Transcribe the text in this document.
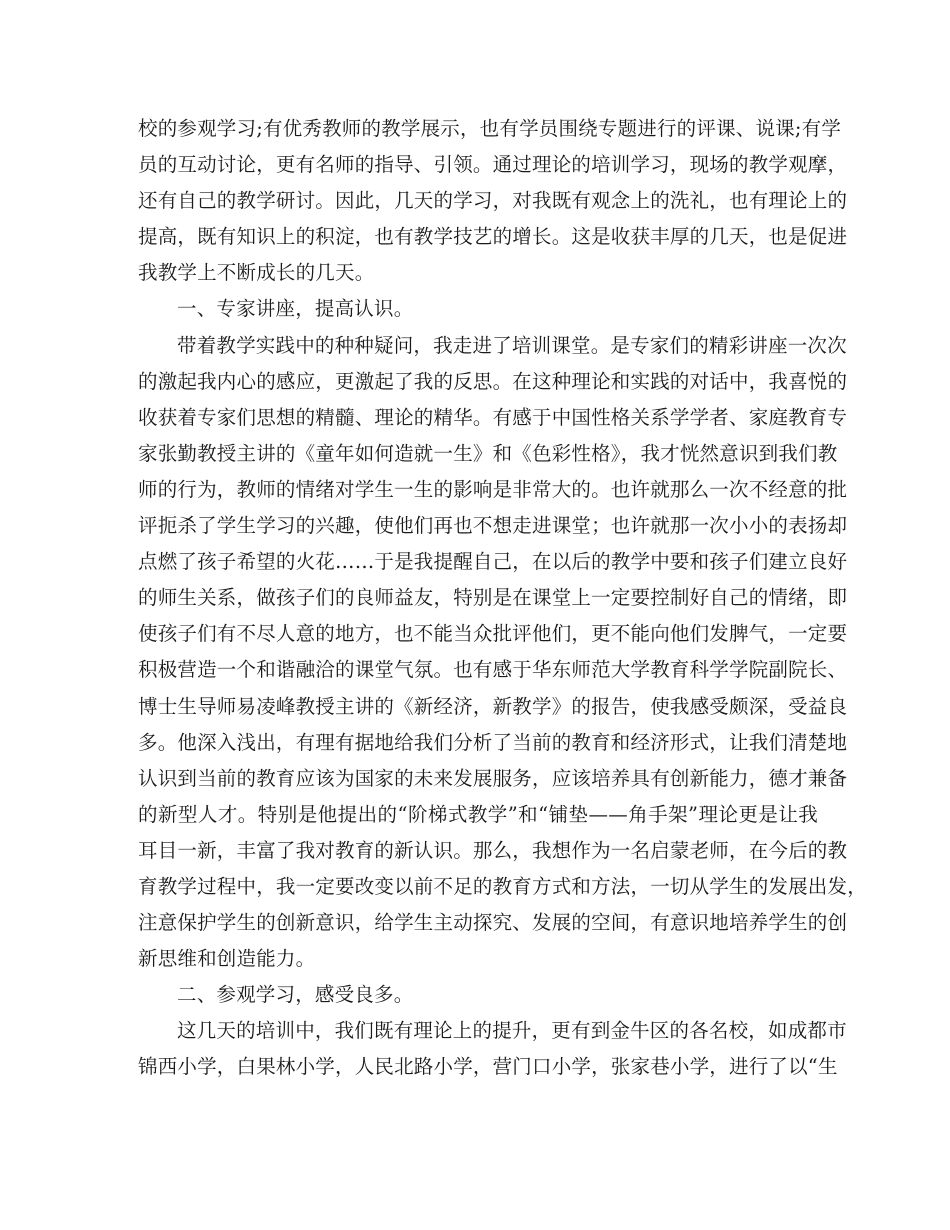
校的参观学习;有优秀教师的教学展示，也有学员围绕专题进行的评课、说课;有学
员的互动讨论，更有名师的指导、引领。通过理论的培训学习，现场的教学观摩，
还有自己的教学研讨。因此，几天的学习，对我既有观念上的洗礼，也有理论上的
提高，既有知识上的积淀，也有教学技艺的增长。这是收获丰厚的几天，也是促进
我教学上不断成长的几天。
一、专家讲座，提高认识。
带着教学实践中的种种疑问，我走进了培训课堂。是专家们的精彩讲座一次次
的激起我内心的感应，更激起了我的反思。在这种理论和实践的对话中，我喜悦的
收获着专家们思想的精髓、理论的精华。有感于中国性格关系学学者、家庭教育专
家张勤教授主讲的《童年如何造就一生》和《色彩性格》，我才恍然意识到我们教
师的行为，教师的情绪对学生一生的影响是非常大的。也许就那么一次不经意的批
评扼杀了学生学习的兴趣，使他们再也不想走进课堂；也许就那一次小小的表扬却
点燃了孩子希望的火花……于是我提醒自己，在以后的教学中要和孩子们建立良好
的师生关系，做孩子们的良师益友，特别是在课堂上一定要控制好自己的情绪，即
使孩子们有不尽人意的地方，也不能当众批评他们，更不能向他们发脾气，一定要
积极营造一个和谐融洽的课堂气氛。也有感于华东师范大学教育科学学院副院长、
博士生导师易凌峰教授主讲的《新经济，新教学》的报告，使我感受颇深，受益良
多。他深入浅出，有理有据地给我们分析了当前的教育和经济形式，让我们清楚地
认识到当前的教育应该为国家的未来发展服务，应该培养具有创新能力，德才兼备
的新型人才。特别是他提出的“阶梯式教学”和“铺垫——角手架”理论更是让我
耳目一新，丰富了我对教育的新认识。那么，我想作为一名启蒙老师，在今后的教
育教学过程中，我一定要改变以前不足的教育方式和方法，一切从学生的发展出发，
注意保护学生的创新意识，给学生主动探究、发展的空间，有意识地培养学生的创
新思维和创造能力。
二、参观学习，感受良多。
这几天的培训中，我们既有理论上的提升，更有到金牛区的各名校，如成都市
锦西小学，白果林小学，人民北路小学，营门口小学，张家巷小学，进行了以“生
